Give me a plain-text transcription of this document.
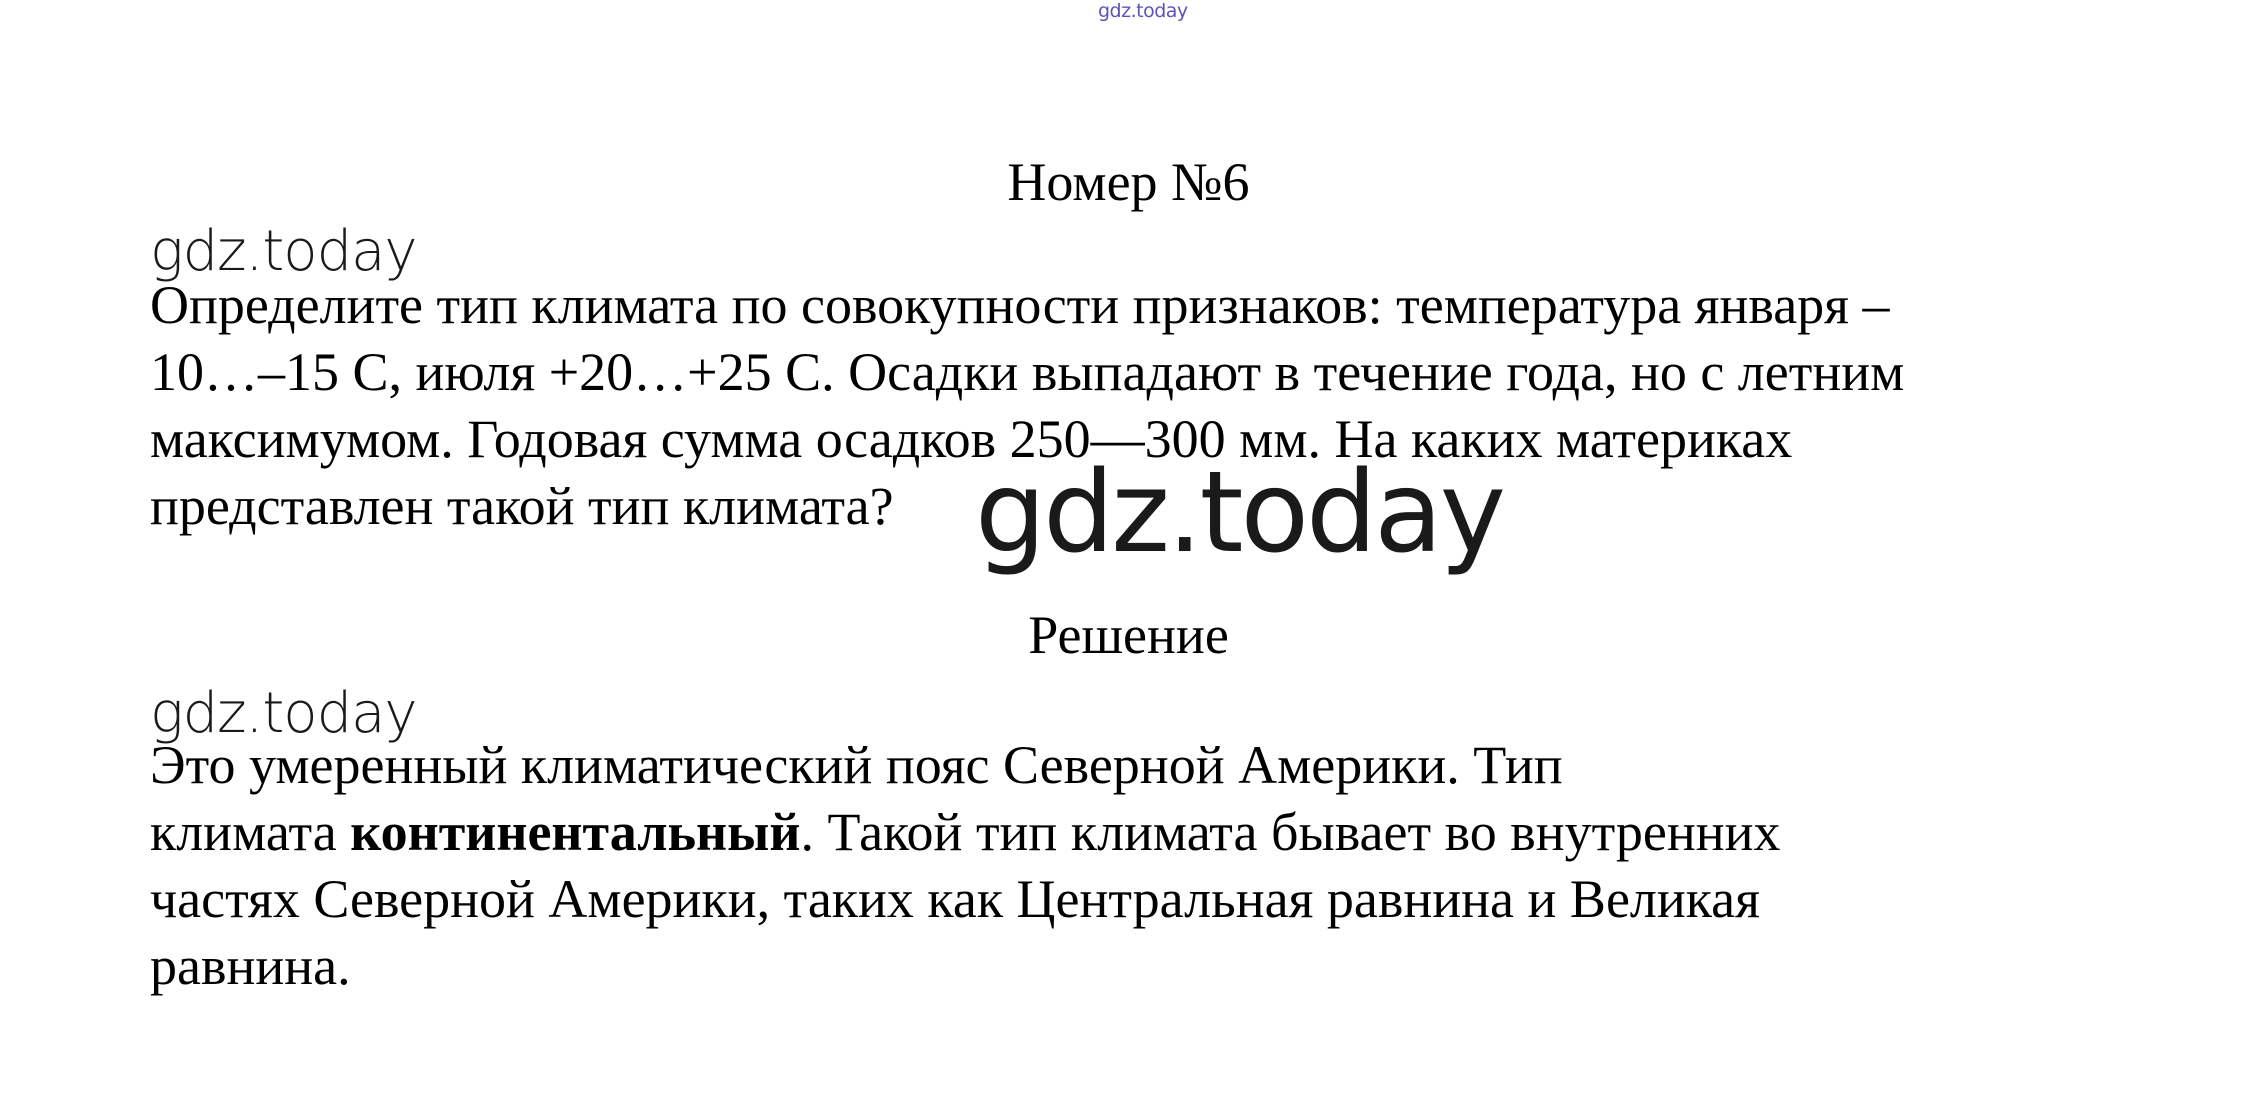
gdz.today
Номер №6
gdz.today
Определите тип климата по совокупности признаков: температура января –
10…–15 C, июля +20…+25 C. Осадки выпадают в течение года, но с летним
максимумом. Годовая сумма осадков 250—300 мм. На каких материках
представлен такой тип климата? gdz.today
Решение
gdz.today
Это умеренный климатический пояс Северной Америки. Тип
климата континентальный. Такой тип климата бывает во внутренних
частях Северной Америки, таких как Центральная равнина и Великая
равнина.
